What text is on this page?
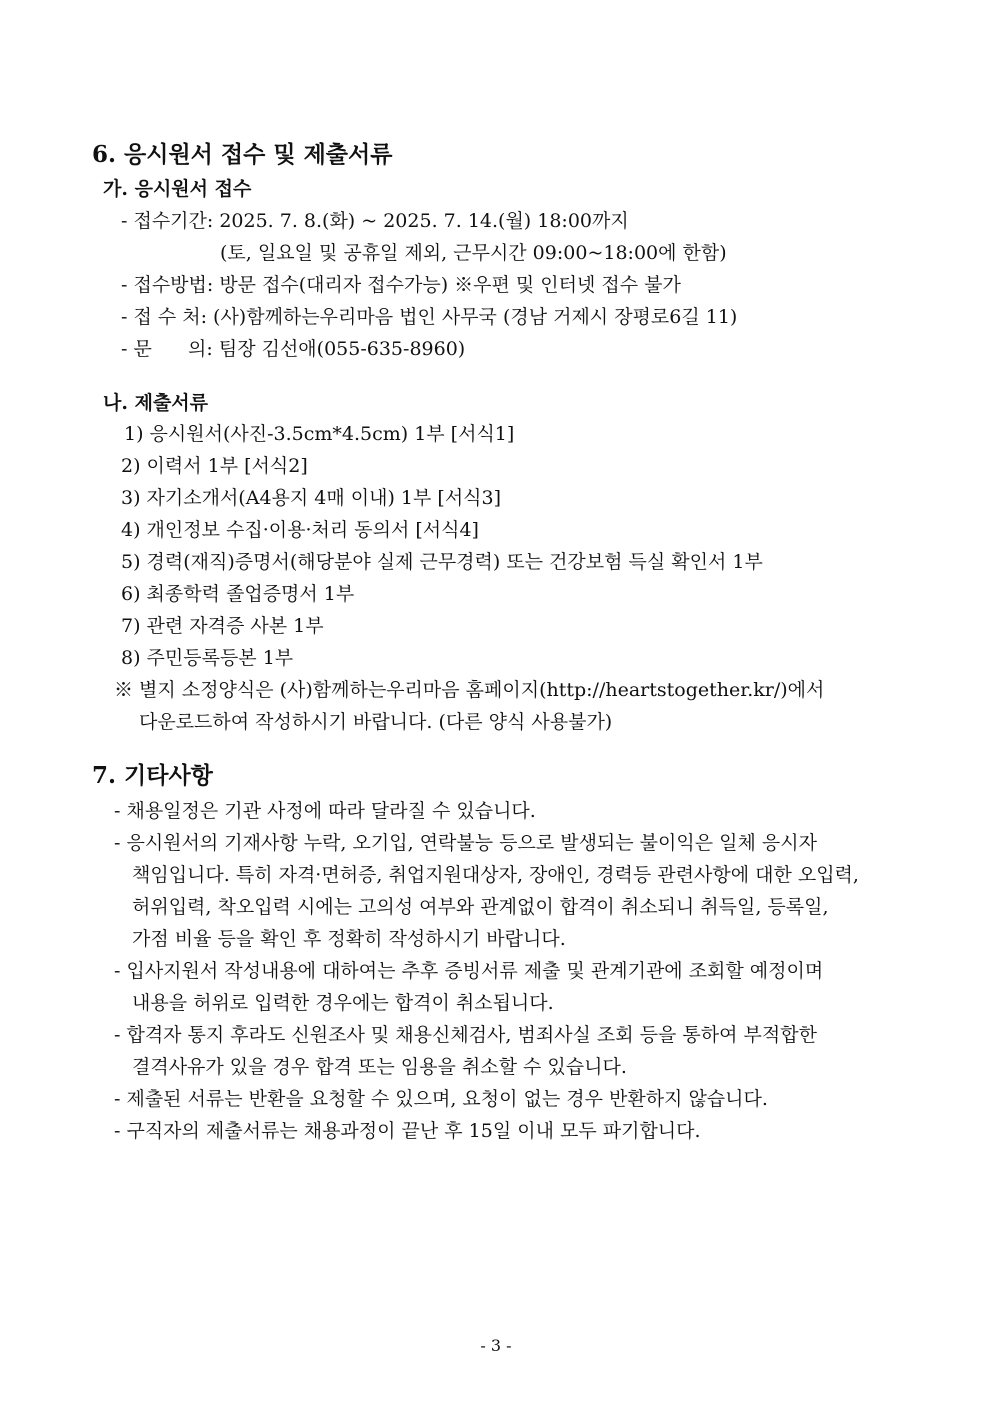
6. 응시원서 접수 및 제출서류
가. 응시원서 접수
- 접수기간: 2025. 7. 8.(화) ~ 2025. 7. 14.(월) 18:00까지
(토, 일요일 및 공휴일 제외, 근무시간 09:00~18:00에 한함)
- 접수방법: 방문 접수(대리자 접수가능) ※우편 및 인터넷 접수 불가
- 접 수 처: (사)함께하는우리마음 법인 사무국 (경남 거제시 장평로6길 11)
- 문      의: 팀장 김선애(055-635-8960)
나. 제출서류
1) 응시원서(사진-3.5cm*4.5cm) 1부 [서식1]
2) 이력서 1부 [서식2]
3) 자기소개서(A4용지 4매 이내) 1부 [서식3]
4) 개인정보 수집·이용·처리 동의서 [서식4]
5) 경력(재직)증명서(해당분야 실제 근무경력) 또는 건강보험 득실 확인서 1부
6) 최종학력 졸업증명서 1부
7) 관련 자격증 사본 1부
8) 주민등록등본 1부
※ 별지 소정양식은 (사)함께하는우리마음 홈페이지(http://heartstogether.kr/)에서
다운로드하여 작성하시기 바랍니다. (다른 양식 사용불가)
7. 기타사항
- 채용일정은 기관 사정에 따라 달라질 수 있습니다.
- 응시원서의 기재사항 누락, 오기입, 연락불능 등으로 발생되는 불이익은 일체 응시자
책임입니다. 특히 자격·면허증, 취업지원대상자, 장애인, 경력등 관련사항에 대한 오입력,
허위입력, 착오입력 시에는 고의성 여부와 관계없이 합격이 취소되니 취득일, 등록일,
가점 비율 등을 확인 후 정확히 작성하시기 바랍니다.
- 입사지원서 작성내용에 대하여는 추후 증빙서류 제출 및 관계기관에 조회할 예정이며
내용을 허위로 입력한 경우에는 합격이 취소됩니다.
- 합격자 통지 후라도 신원조사 및 채용신체검사, 범죄사실 조회 등을 통하여 부적합한
결격사유가 있을 경우 합격 또는 임용을 취소할 수 있습니다.
- 제출된 서류는 반환을 요청할 수 있으며, 요청이 없는 경우 반환하지 않습니다.
- 구직자의 제출서류는 채용과정이 끝난 후 15일 이내 모두 파기합니다.
- 3 -
